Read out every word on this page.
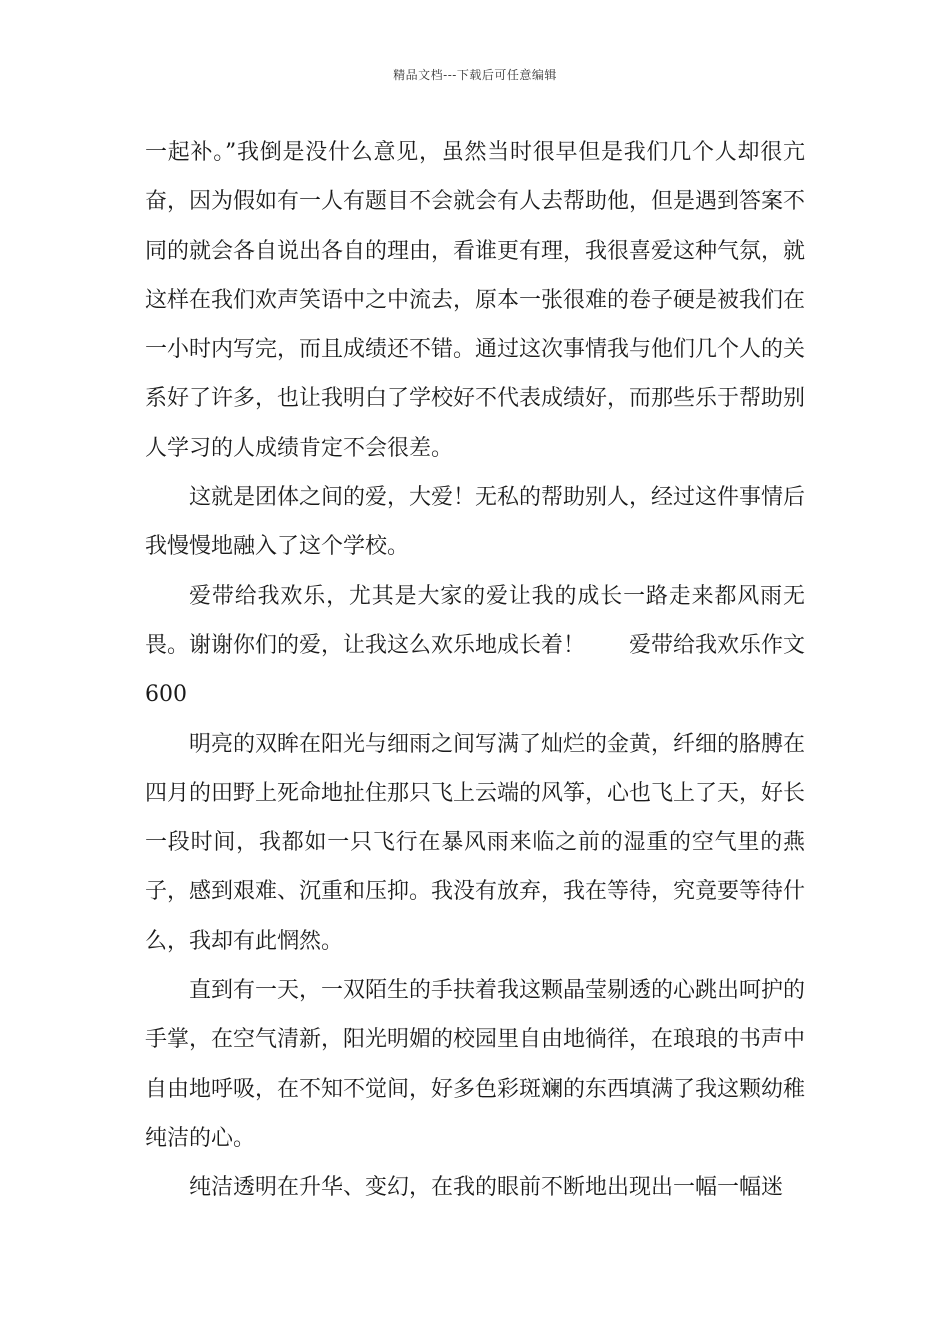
精品文档---下载后可任意编辑

一起补。”我倒是没什么意见，虽然当时很早但是我们几个人却很亢奋，因为假如有一人有题目不会就会有人去帮助他，但是遇到答案不同的就会各自说出各自的理由，看谁更有理，我很喜爱这种气氛，就这样在我们欢声笑语中之中流去，原本一张很难的卷子硬是被我们在一小时内写完，而且成绩还不错。通过这次事情我与他们几个人的关系好了许多，也让我明白了学校好不代表成绩好，而那些乐于帮助别人学习的人成绩肯定不会很差。

这就是团体之间的爱，大爱！无私的帮助别人，经过这件事情后我慢慢地融入了这个学校。

爱带给我欢乐，尤其是大家的爱让我的成长一路走来都风雨无畏。谢谢你们的爱，让我这么欢乐地成长着！　　爱带给我欢乐作文600

明亮的双眸在阳光与细雨之间写满了灿烂的金黄，纤细的胳膊在四月的田野上死命地扯住那只飞上云端的风筝，心也飞上了天，好长一段时间，我都如一只飞行在暴风雨来临之前的湿重的空气里的燕子，感到艰难、沉重和压抑。我没有放弃，我在等待，究竟要等待什么，我却有此惘然。

直到有一天，一双陌生的手扶着我这颗晶莹剔透的心跳出呵护的手掌，在空气清新，阳光明媚的校园里自由地徜徉，在琅琅的书声中自由地呼吸，在不知不觉间，好多色彩斑斓的东西填满了我这颗幼稚纯洁的心。

纯洁透明在升华、变幻，在我的眼前不断地出现出一幅一幅迷
